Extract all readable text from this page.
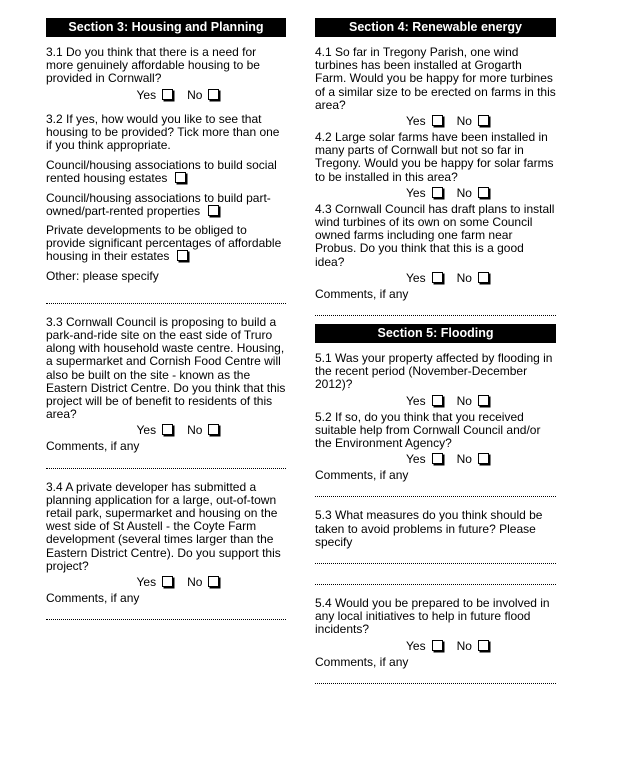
Section 3: Housing and Planning

3.1 Do you think that there is a need for more genuinely affordable housing to be provided in Cornwall?

Yes	No

3.2 If yes, how would you like to see that housing to be provided? Tick more than one if you think appropriate.

Council/housing associations to build social rented housing estates

Council/housing associations to build part-owned/part-rented properties

Private developments to be obliged to provide significant percentages of affordable housing in their estates

Other: please specify

3.3 Cornwall Council is proposing to build a park-and-ride site on the east side of Truro along with household waste centre. Housing, a supermarket and Cornish Food Centre will also be built on the site - known as the Eastern District Centre. Do you think that this project will be of benefit to residents of this area?

Yes	No

Comments, if any

3.4 A private developer has submitted a planning application for a large, out-of-town retail park, supermarket and housing on the west side of St Austell - the Coyte Farm development (several times larger than the Eastern District Centre). Do you support this project?

Yes	No

Comments, if any

Section 4: Renewable energy

4.1 So far in Tregony Parish, one wind turbines has been installed at Grogarth Farm. Would you be happy for more turbines of a similar size to be erected on farms in this area?

Yes	No

4.2 Large solar farms have been installed in many parts of Cornwall but not so far in Tregony. Would you be happy for solar farms to be installed in this area?

Yes	No

4.3 Cornwall Council has draft plans to install wind turbines of its own on some Council owned farms including one farm near Probus. Do you think that this is a good idea?

Yes	No

Comments, if any

Section 5: Flooding

5.1 Was your property affected by flooding in the recent period (November-December 2012)?

Yes	No

5.2 If so, do you think that you received suitable help from Cornwall Council and/or the Environment Agency?

Yes	No

Comments, if any

5.3 What measures do you think should be taken to avoid problems in future? Please specify

5.4 Would you be prepared to be involved in any local initiatives to help in future flood incidents?

Yes	No

Comments, if any
